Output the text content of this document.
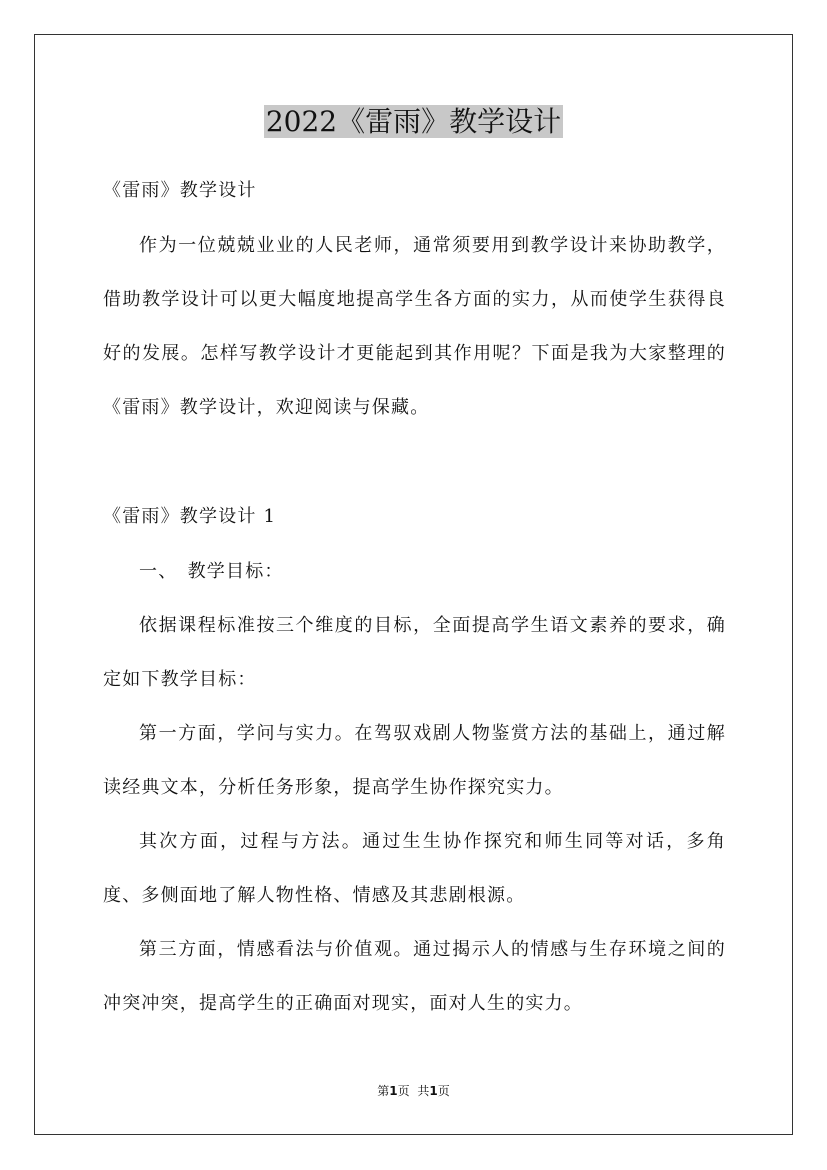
2022《雷雨》教学设计

《雷雨》教学设计

作为一位兢兢业业的人民老师，通常须要用到教学设计来协助教学，借助教学设计可以更大幅度地提高学生各方面的实力，从而使学生获得良好的发展。怎样写教学设计才更能起到其作用呢？下面是我为大家整理的《雷雨》教学设计，欢迎阅读与保藏。

《雷雨》教学设计 1

一、　教学目标：

依据课程标准按三个维度的目标，全面提高学生语文素养的要求，确定如下教学目标：

第一方面，学问与实力。在驾驭戏剧人物鉴赏方法的基础上，通过解读经典文本，分析任务形象，提高学生协作探究实力。

其次方面，过程与方法。通过生生协作探究和师生同等对话，多角度、多侧面地了解人物性格、情感及其悲剧根源。

第三方面，情感看法与价值观。通过揭示人的情感与生存环境之间的冲突冲突，提高学生的正确面对现实，面对人生的实力。

第1页 共1页
